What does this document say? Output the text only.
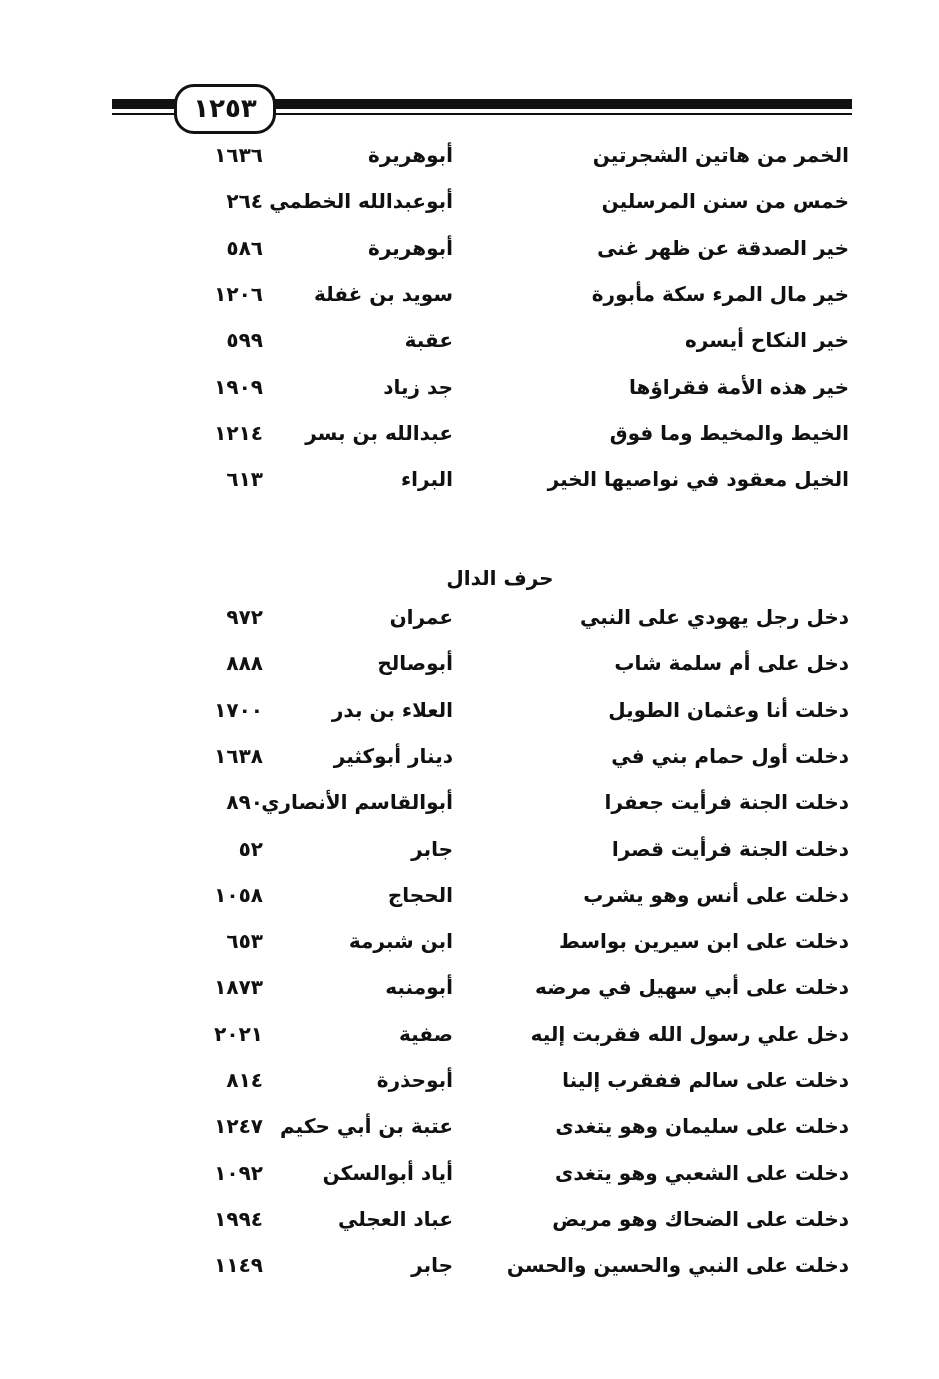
١٢٥٣
الخمر من هاتين الشجرتين
أبوهريرة
١٦٣٦
خمس من سنن المرسلين
أبوعبدالله الخطمي
٢٦٤
خير الصدقة عن ظهر غنى
أبوهريرة
٥٨٦
خير مال المرء سكة مأبورة
سويد بن غفلة
١٢٠٦
خير النكاح أيسره
عقبة
٥٩٩
خير هذه الأمة فقراؤها
جد زياد
١٩٠٩
الخيط والمخيط وما فوق
عبدالله بن بسر
١٢١٤
الخيل معقود في نواصيها الخير
البراء
٦١٣
حرف الدال
دخل رجل يهودي على النبي
عمران
٩٧٢
دخل على أم سلمة شاب
أبوصالح
٨٨٨
دخلت أنا وعثمان الطويل
العلاء بن بدر
١٧٠٠
دخلت أول حمام بني في
دينار أبوكثير
١٦٣٨
دخلت الجنة فرأيت جعفرا
أبوالقاسم الأنصاري
٨٩٠
دخلت الجنة فرأيت قصرا
جابر
٥٢
دخلت على أنس وهو يشرب
الحجاج
١٠٥٨
دخلت على ابن سيرين بواسط
ابن شبرمة
٦٥٣
دخلت على أبي سهيل في مرضه
أبومنبه
١٨٧٣
دخل علي رسول الله فقربت إليه
صفية
٢٠٢١
دخلت على سالم ففقرب إلينا
أبوحذرة
٨١٤
دخلت على سليمان وهو يتغدى
عتبة بن أبي حكيم
١٢٤٧
دخلت على الشعبي وهو يتغدى
أياد أبوالسكن
١٠٩٢
دخلت على الضحاك وهو مريض
عباد العجلي
١٩٩٤
دخلت على النبي والحسين والحسن
جابر
١١٤٩
